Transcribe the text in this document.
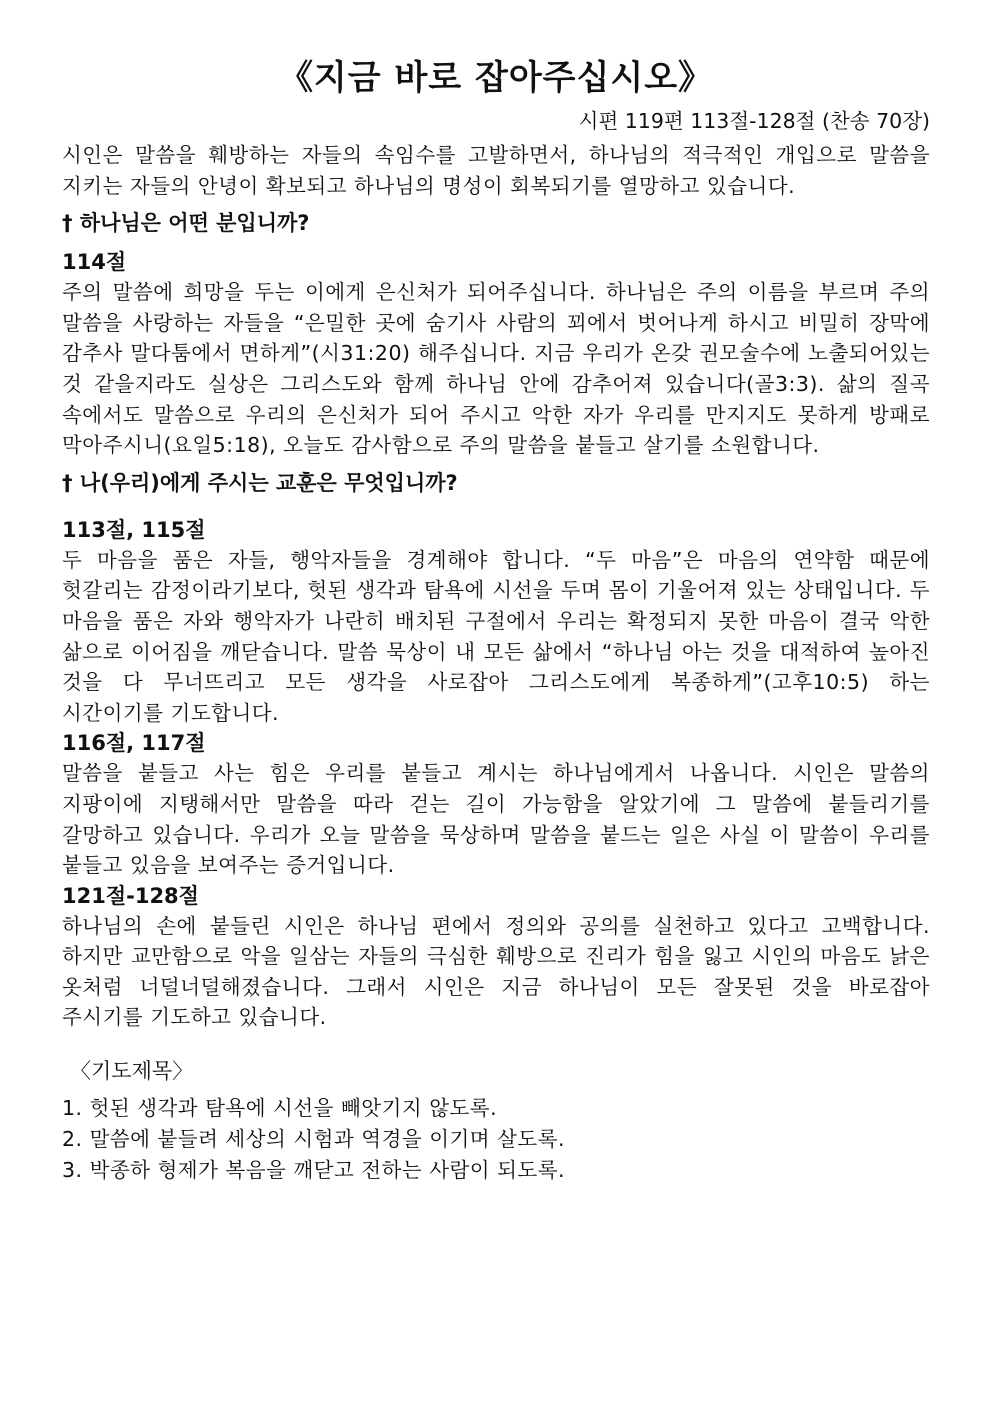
《지금 바로 잡아주십시오》
시편 119편 113절-128절 (찬송 70장)

시인은 말씀을 훼방하는 자들의 속임수를 고발하면서, 하나님의 적극적인 개입으로 말씀을 지키는 자들의 안녕이 확보되고 하나님의 명성이 회복되기를 열망하고 있습니다.

† 하나님은 어떤 분입니까?
114절

주의 말씀에 희망을 두는 이에게 은신처가 되어주십니다. 하나님은 주의 이름을 부르며 주의 말씀을 사랑하는 자들을 “은밀한 곳에 숨기사 사람의 꾀에서 벗어나게 하시고 비밀히 장막에 감추사 말다툼에서 면하게”(시31:20) 해주십니다. 지금 우리가 온갖 권모술수에 노출되어있는 것 같을지라도 실상은 그리스도와 함께 하나님 안에 감추어져 있습니다(골3:3). 삶의 질곡 속에서도 말씀으로 우리의 은신처가 되어 주시고 악한 자가 우리를 만지지도 못하게 방패로 막아주시니(요일5:18), 오늘도 감사함으로 주의 말씀을 붙들고 살기를 소원합니다.

† 나(우리)에게 주시는 교훈은 무엇입니까?
113절, 115절

두 마음을 품은 자들, 행악자들을 경계해야 합니다. “두 마음”은 마음의 연약함 때문에 헛갈리는 감정이라기보다, 헛된 생각과 탐욕에 시선을 두며 몸이 기울어져 있는 상태입니다. 두 마음을 품은 자와 행악자가 나란히 배치된 구절에서 우리는 확정되지 못한 마음이 결국 악한 삶으로 이어짐을 깨닫습니다. 말씀 묵상이 내 모든 삶에서 “하나님 아는 것을 대적하여 높아진 것을 다 무너뜨리고 모든 생각을 사로잡아 그리스도에게 복종하게”(고후10:5) 하는 시간이기를 기도합니다.

116절, 117절

말씀을 붙들고 사는 힘은 우리를 붙들고 계시는 하나님에게서 나옵니다. 시인은 말씀의 지팡이에 지탱해서만 말씀을 따라 걷는 길이 가능함을 알았기에 그 말씀에 붙들리기를 갈망하고 있습니다. 우리가 오늘 말씀을 묵상하며 말씀을 붙드는 일은 사실 이 말씀이 우리를 붙들고 있음을 보여주는 증거입니다.

121절-128절

하나님의 손에 붙들린 시인은 하나님 편에서 정의와 공의를 실천하고 있다고 고백합니다. 하지만 교만함으로 악을 일삼는 자들의 극심한 훼방으로 진리가 힘을 잃고 시인의 마음도 낡은 옷처럼 너덜너덜해졌습니다. 그래서 시인은 지금 하나님이 모든 잘못된 것을 바로잡아 주시기를 기도하고 있습니다.

〈기도제목〉

1. 헛된 생각과 탐욕에 시선을 빼앗기지 않도록.

2. 말씀에 붙들려 세상의 시험과 역경을 이기며 살도록.

3. 박종하 형제가 복음을 깨닫고 전하는 사람이 되도록.
